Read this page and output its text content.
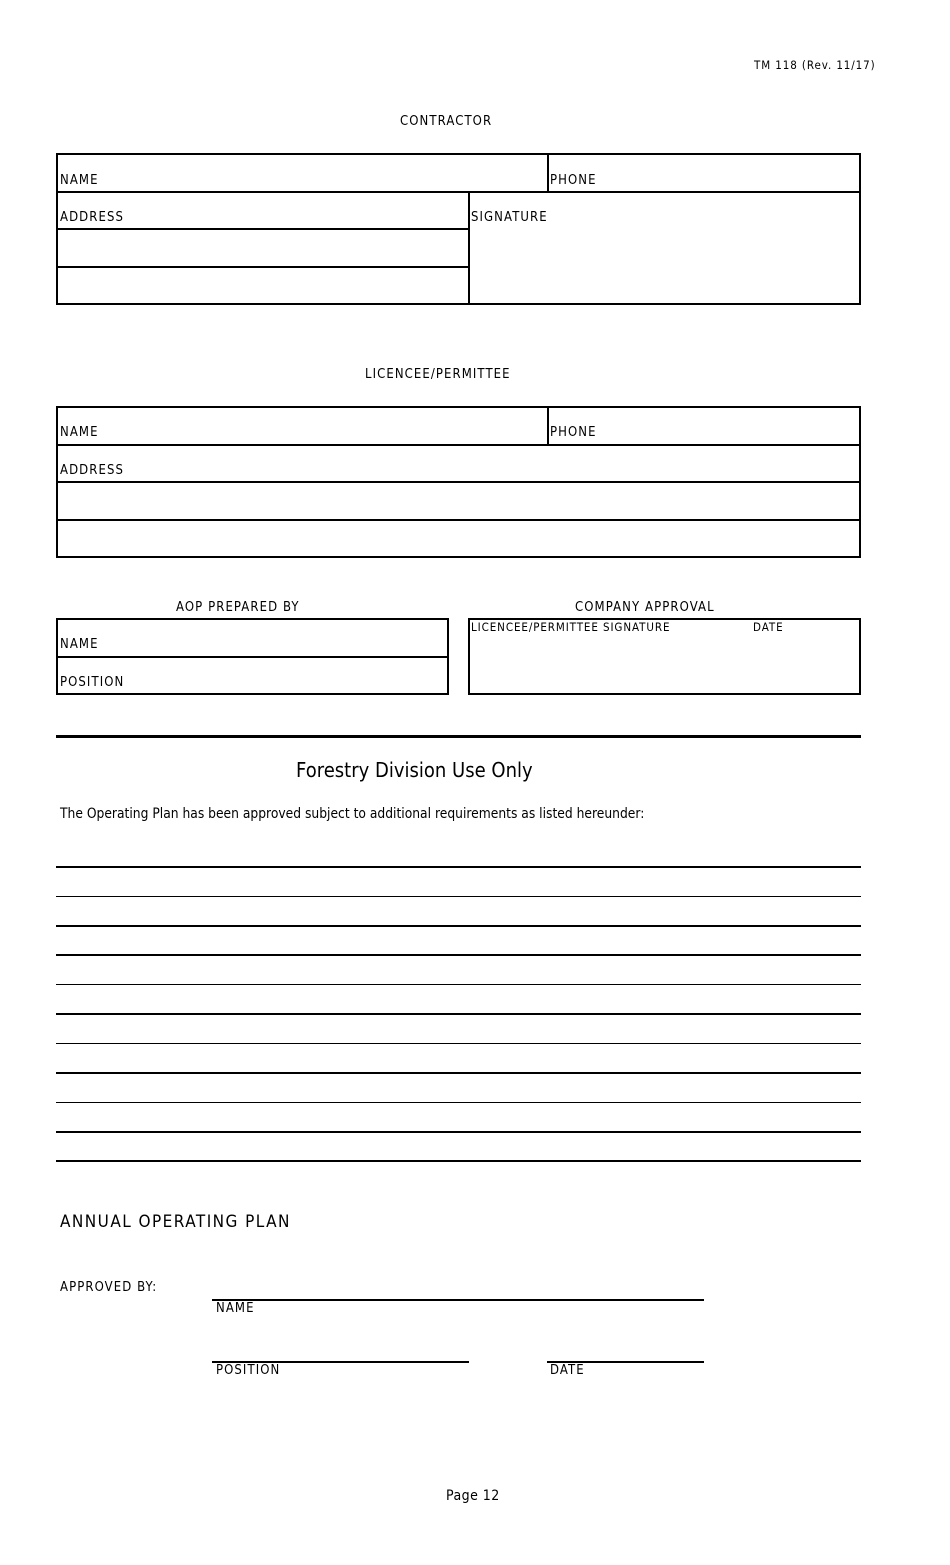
TM 118 (Rev. 11/17)
CONTRACTOR
NAME	PHONE
ADDRESS	SIGNATURE
LICENCEE/PERMITTEE
NAME	PHONE
ADDRESS
AOP PREPARED BY
NAME
POSITION
COMPANY APPROVAL
LICENCEE/PERMITTEE SIGNATURE	DATE
Forestry Division Use Only
The Operating Plan has been approved subject to additional requirements as listed hereunder:
ANNUAL OPERATING PLAN
APPROVED BY:
NAME
POSITION	DATE
Page 12
